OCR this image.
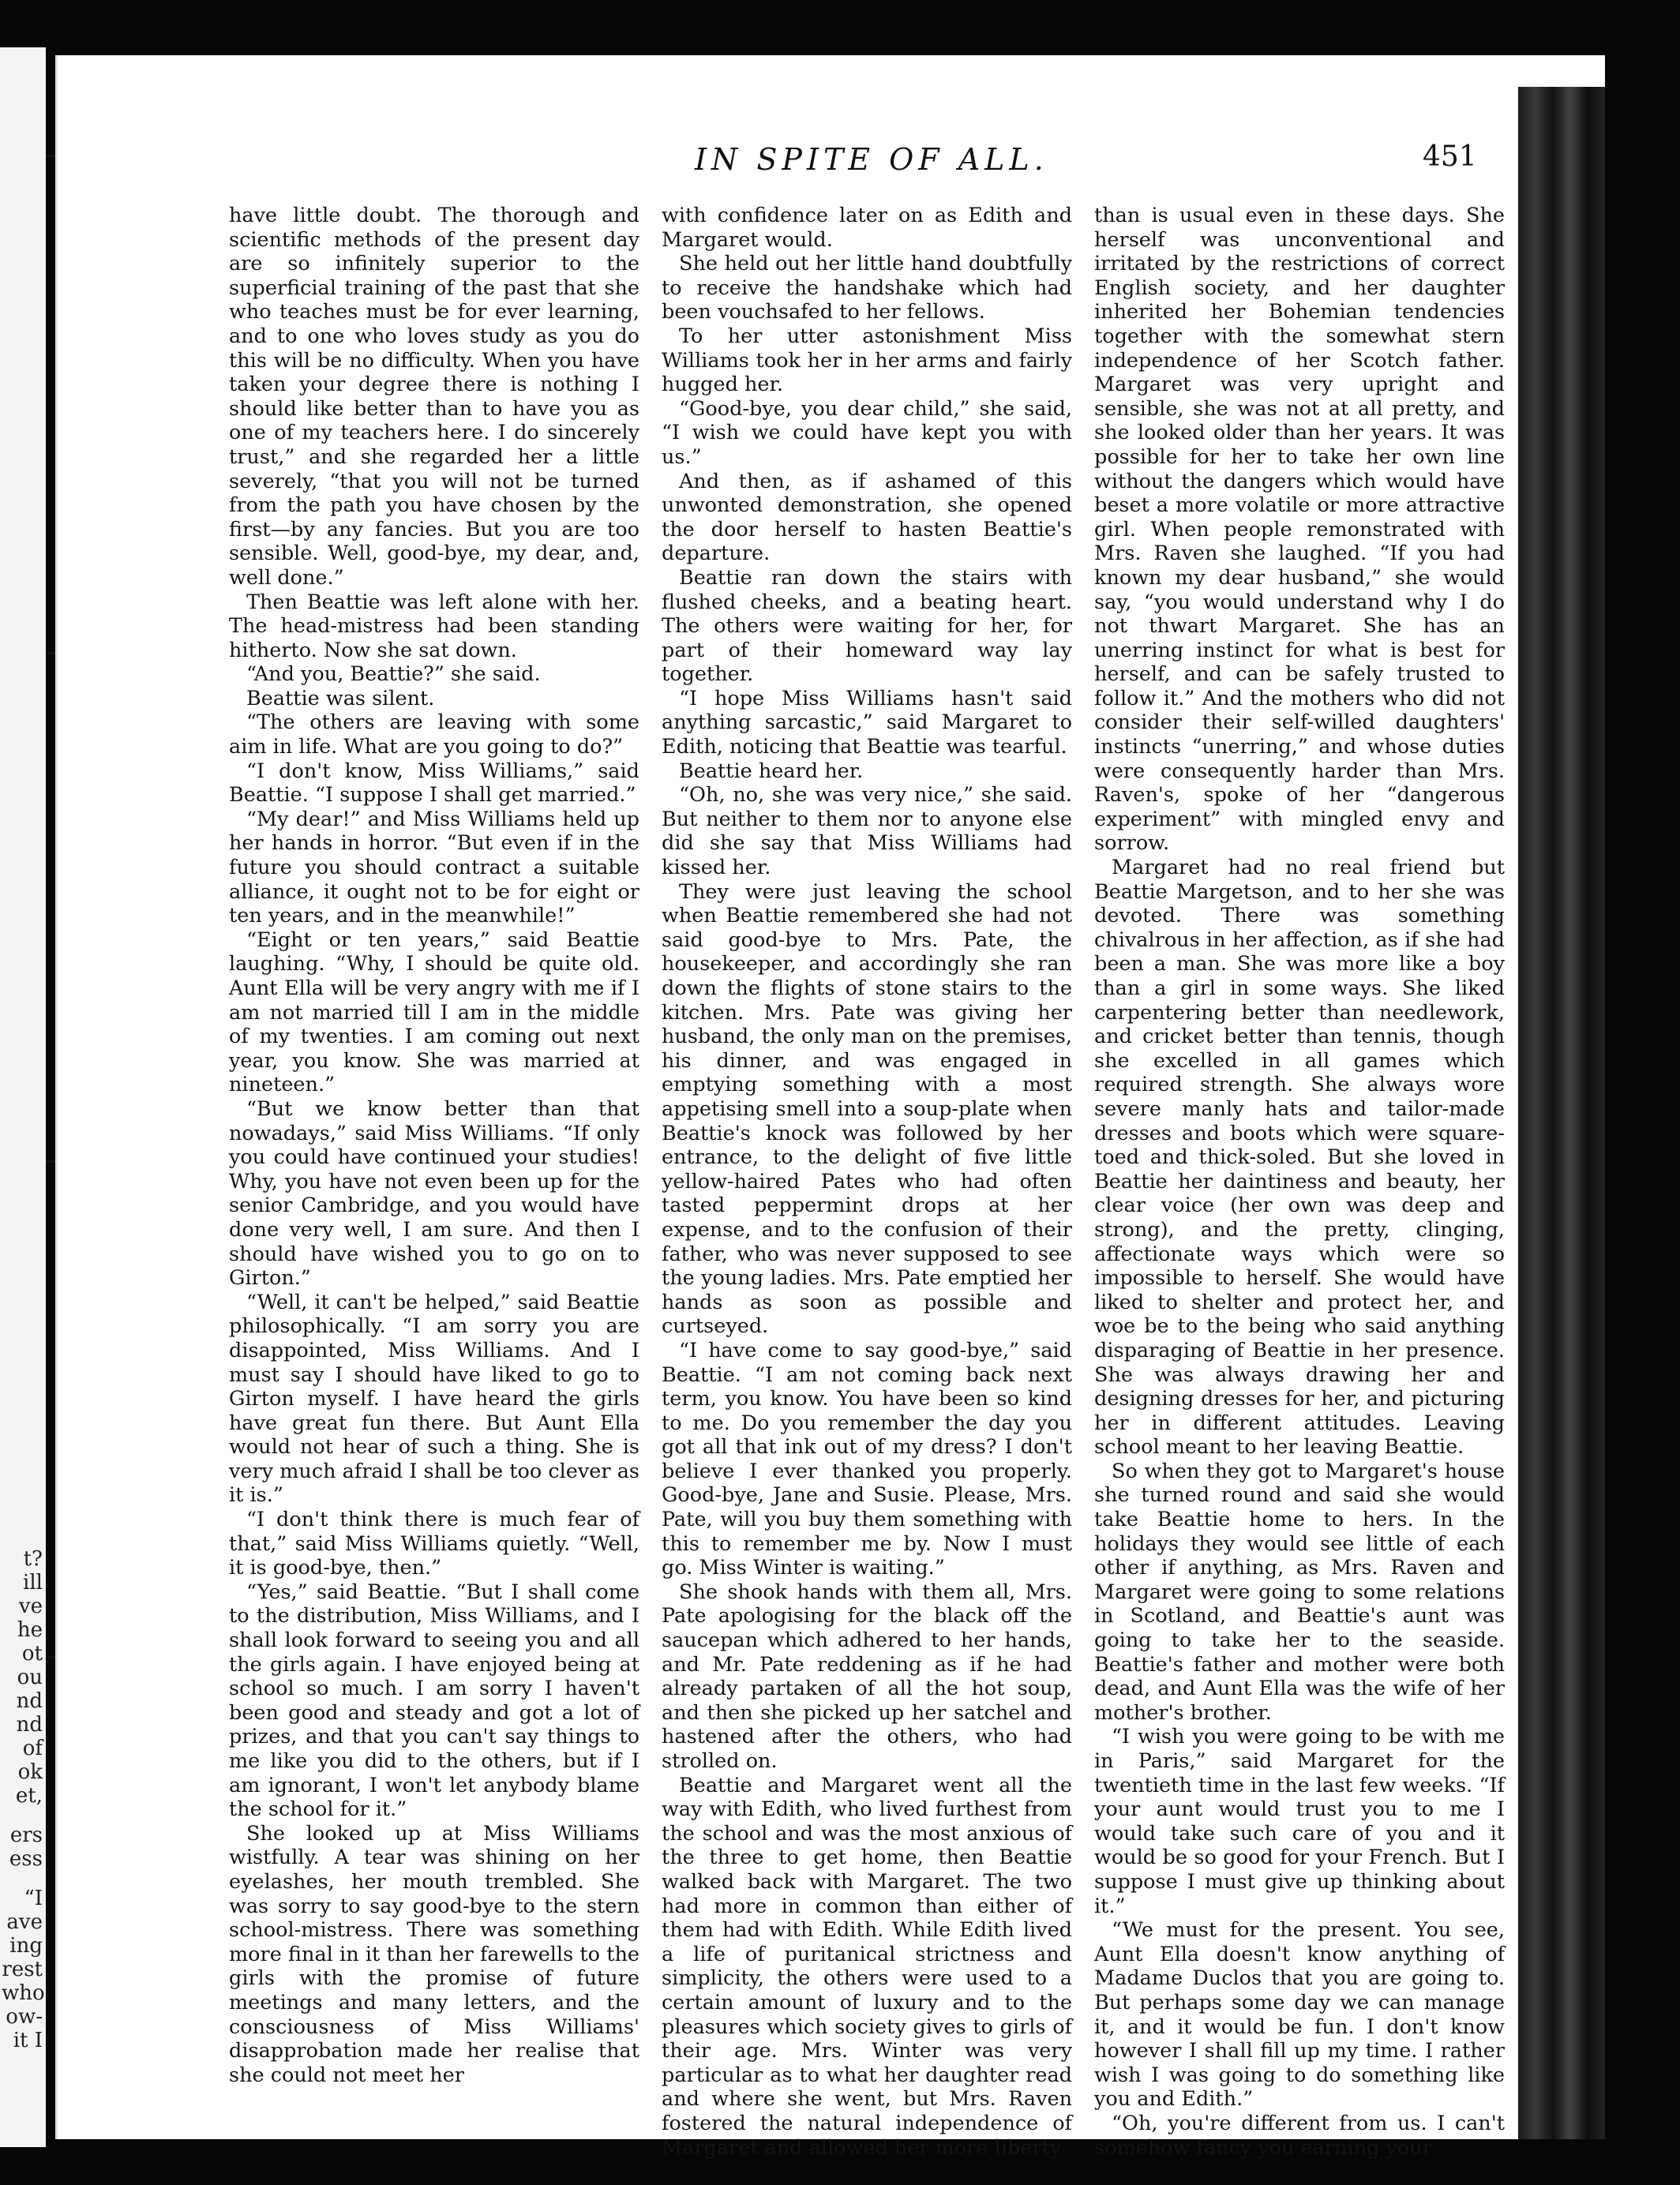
t?
ill
ve
he
ot
ou
nd
nd
of
ok
et,
ers
ess
“I
ave
ing
rest
who
ow-
it I
IN SPITE OF ALL.	451

have little doubt. The thorough and scientific methods of the present day are so infinitely superior to the superficial training of the past that she who teaches must be for ever learning, and to one who loves study as you do this will be no difficulty. When you have taken your degree there is nothing I should like better than to have you as one of my teachers here. I do sincerely trust,” and she regarded her a little severely, “that you will not be turned from the path you have chosen by the first—by any fancies. But you are too sensible. Well, good-bye, my dear, and, well done.”

Then Beattie was left alone with her. The head-mistress had been standing hitherto. Now she sat down.

“And you, Beattie?” she said.

Beattie was silent.

“The others are leaving with some aim in life. What are you going to do?”

“I don't know, Miss Williams,” said Beattie. “I suppose I shall get married.”

“My dear!” and Miss Williams held up her hands in horror. “But even if in the future you should contract a suitable alliance, it ought not to be for eight or ten years, and in the meanwhile!”

“Eight or ten years,” said Beattie laughing. “Why, I should be quite old. Aunt Ella will be very angry with me if I am not married till I am in the middle of my twenties. I am coming out next year, you know. She was married at nineteen.”

“But we know better than that nowadays,” said Miss Williams. “If only you could have continued your studies! Why, you have not even been up for the senior Cambridge, and you would have done very well, I am sure. And then I should have wished you to go on to Girton.”

“Well, it can't be helped,” said Beattie philosophically. “I am sorry you are disappointed, Miss Williams. And I must say I should have liked to go to Girton myself. I have heard the girls have great fun there. But Aunt Ella would not hear of such a thing. She is very much afraid I shall be too clever as it is.”

“I don't think there is much fear of that,” said Miss Williams quietly. “Well, it is good-bye, then.”

“Yes,” said Beattie. “But I shall come to the distribution, Miss Williams, and I shall look forward to seeing you and all the girls again. I have enjoyed being at school so much. I am sorry I haven't been good and steady and got a lot of prizes, and that you can't say things to me like you did to the others, but if I am ignorant, I won't let anybody blame the school for it.”

She looked up at Miss Williams wistfully. A tear was shining on her eyelashes, her mouth trembled. She was sorry to say good-bye to the stern school-mistress. There was something more final in it than her farewells to the girls with the promise of future meetings and many letters, and the consciousness of Miss Williams' disapprobation made her realise that she could not meet her

with confidence later on as Edith and Margaret would.

She held out her little hand doubtfully to receive the handshake which had been vouchsafed to her fellows.

To her utter astonishment Miss Williams took her in her arms and fairly hugged her.

“Good-bye, you dear child,” she said, “I wish we could have kept you with us.”

And then, as if ashamed of this unwonted demonstration, she opened the door herself to hasten Beattie's departure.

Beattie ran down the stairs with flushed cheeks, and a beating heart. The others were waiting for her, for part of their homeward way lay together.

“I hope Miss Williams hasn't said anything sarcastic,” said Margaret to Edith, noticing that Beattie was tearful.

Beattie heard her.

“Oh, no, she was very nice,” she said. But neither to them nor to anyone else did she say that Miss Williams had kissed her.

They were just leaving the school when Beattie remembered she had not said good-bye to Mrs. Pate, the housekeeper, and accordingly she ran down the flights of stone stairs to the kitchen. Mrs. Pate was giving her husband, the only man on the premises, his dinner, and was engaged in emptying something with a most appetising smell into a soup-plate when Beattie's knock was followed by her entrance, to the delight of five little yellow-haired Pates who had often tasted peppermint drops at her expense, and to the confusion of their father, who was never supposed to see the young ladies. Mrs. Pate emptied her hands as soon as possible and curtseyed.

“I have come to say good-bye,” said Beattie. “I am not coming back next term, you know. You have been so kind to me. Do you remember the day you got all that ink out of my dress? I don't believe I ever thanked you properly. Good-bye, Jane and Susie. Please, Mrs. Pate, will you buy them something with this to remember me by. Now I must go. Miss Winter is waiting.”

She shook hands with them all, Mrs. Pate apologising for the black off the saucepan which adhered to her hands, and Mr. Pate reddening as if he had already partaken of all the hot soup, and then she picked up her satchel and hastened after the others, who had strolled on.

Beattie and Margaret went all the way with Edith, who lived furthest from the school and was the most anxious of the three to get home, then Beattie walked back with Margaret. The two had more in common than either of them had with Edith. While Edith lived a life of puritanical strictness and simplicity, the others were used to a certain amount of luxury and to the pleasures which society gives to girls of their age. Mrs. Winter was very particular as to what her daughter read and where she went, but Mrs. Raven fostered the natural independence of Margaret and allowed her more liberty

than is usual even in these days. She herself was unconventional and irritated by the restrictions of correct English society, and her daughter inherited her Bohemian tendencies together with the somewhat stern independence of her Scotch father. Margaret was very upright and sensible, she was not at all pretty, and she looked older than her years. It was possible for her to take her own line without the dangers which would have beset a more volatile or more attractive girl. When people remonstrated with Mrs. Raven she laughed. “If you had known my dear husband,” she would say, “you would understand why I do not thwart Margaret. She has an unerring instinct for what is best for herself, and can be safely trusted to follow it.” And the mothers who did not consider their self-willed daughters' instincts “unerring,” and whose duties were consequently harder than Mrs. Raven's, spoke of her “dangerous experiment” with mingled envy and sorrow.

Margaret had no real friend but Beattie Margetson, and to her she was devoted. There was something chivalrous in her affection, as if she had been a man. She was more like a boy than a girl in some ways. She liked carpentering better than needlework, and cricket better than tennis, though she excelled in all games which required strength. She always wore severe manly hats and tailor-made dresses and boots which were square-toed and thick-soled. But she loved in Beattie her daintiness and beauty, her clear voice (her own was deep and strong), and the pretty, clinging, affectionate ways which were so impossible to herself. She would have liked to shelter and protect her, and woe be to the being who said anything disparaging of Beattie in her presence. She was always drawing her and designing dresses for her, and picturing her in different attitudes. Leaving school meant to her leaving Beattie.

So when they got to Margaret's house she turned round and said she would take Beattie home to hers. In the holidays they would see little of each other if anything, as Mrs. Raven and Margaret were going to some relations in Scotland, and Beattie's aunt was going to take her to the seaside. Beattie's father and mother were both dead, and Aunt Ella was the wife of her mother's brother.

“I wish you were going to be with me in Paris,” said Margaret for the twentieth time in the last few weeks. “If your aunt would trust you to me I would take such care of you and it would be so good for your French. But I suppose I must give up thinking about it.”

“We must for the present. You see, Aunt Ella doesn't know anything of Madame Duclos that you are going to. But perhaps some day we can manage it, and it would be fun. I don't know however I shall fill up my time. I rather wish I was going to do something like you and Edith.”

“Oh, you're different from us. I can't somehow fancy you earning your
